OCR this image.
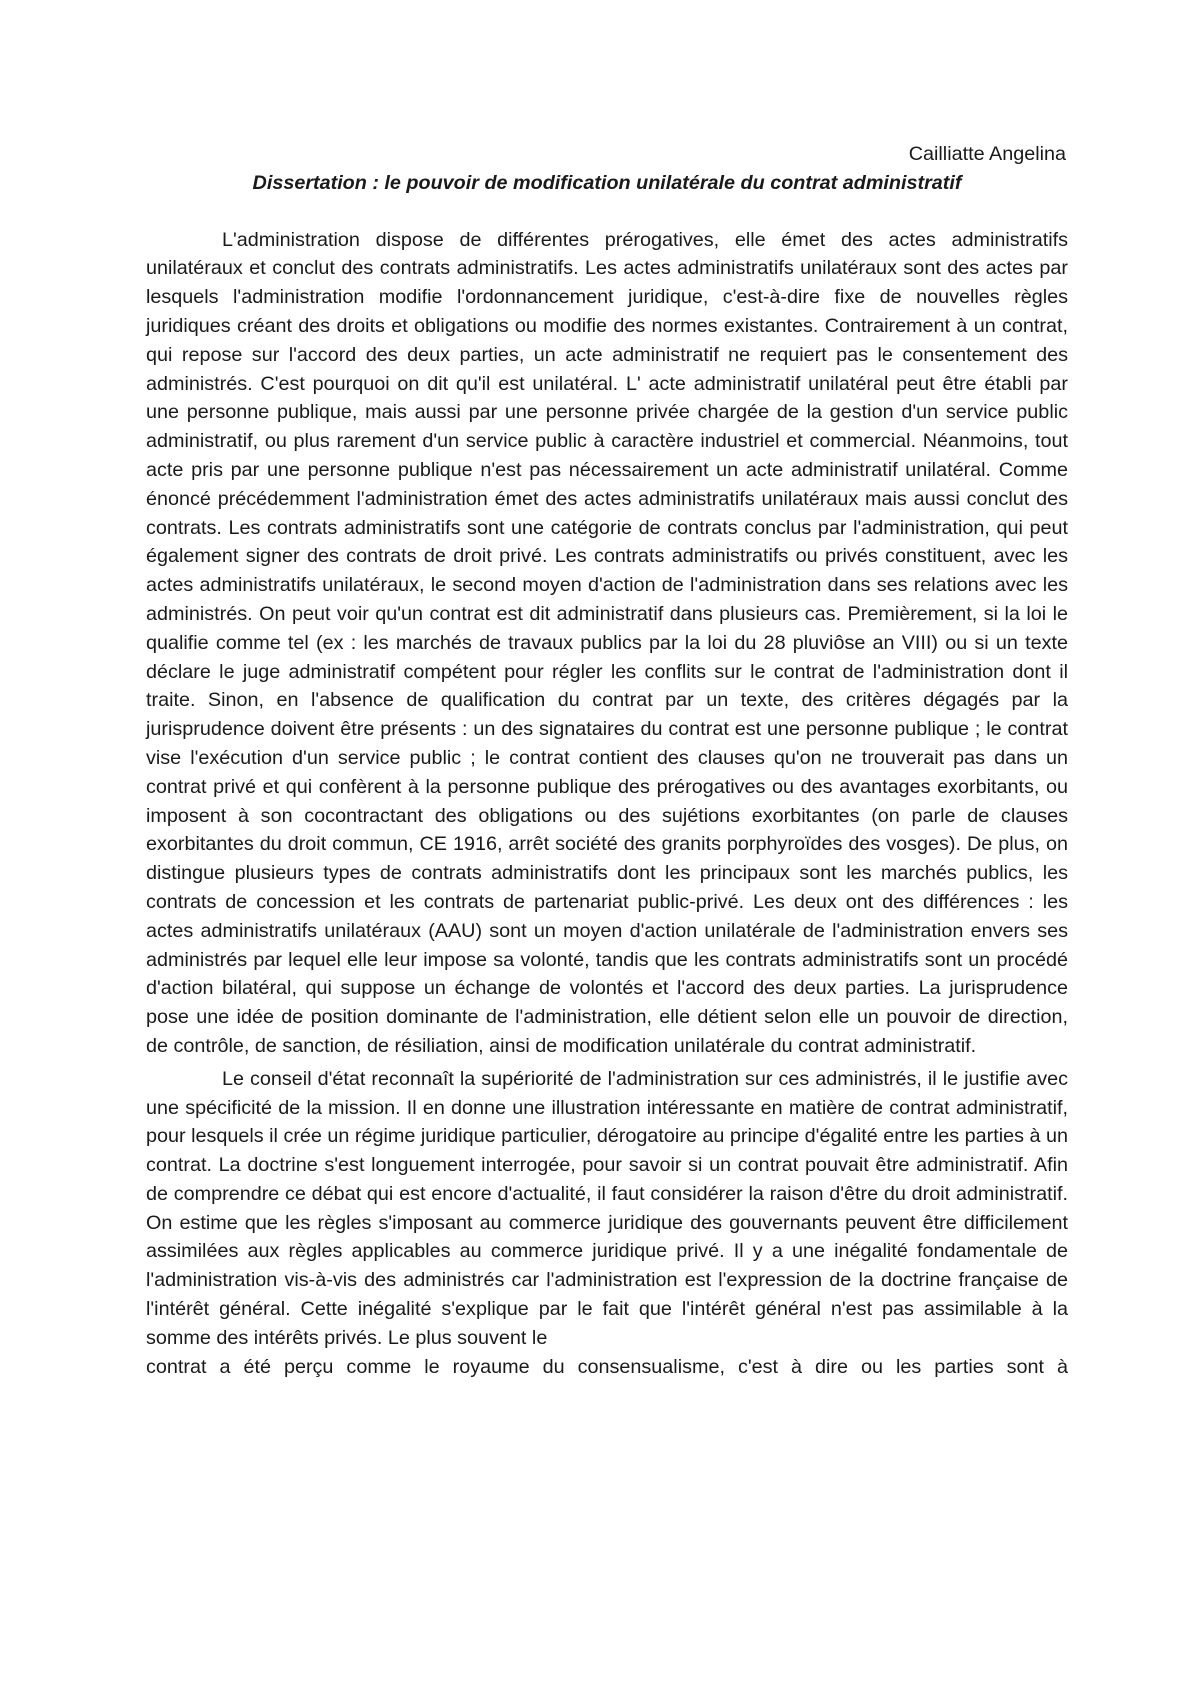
Cailliatte Angelina

Dissertation : le pouvoir de modification unilatérale du contrat administratif

L'administration dispose de différentes prérogatives, elle émet des actes administratifs unilatéraux et conclut des contrats administratifs. Les actes administratifs unilatéraux sont des actes par lesquels l'administration modifie l'ordonnancement juridique, c'est-à-dire fixe de nouvelles règles juridiques créant des droits et obligations ou modifie des normes existantes. Contrairement à un contrat, qui repose sur l'accord des deux parties, un acte administratif ne requiert pas le consentement des administrés. C'est pourquoi on dit qu'il est unilatéral. L' acte administratif unilatéral peut être établi par une personne publique, mais aussi par une personne privée chargée de la gestion d'un service public administratif, ou plus rarement d'un service public à caractère industriel et commercial. Néanmoins, tout acte pris par une personne publique n'est pas nécessairement un acte administratif unilatéral. Comme énoncé précédemment l'administration émet des actes administratifs unilatéraux mais aussi conclut des contrats. Les contrats administratifs sont une catégorie de contrats conclus par l'administration, qui peut également signer des contrats de droit privé. Les contrats administratifs ou privés constituent, avec les actes administratifs unilatéraux, le second moyen d'action de l'administration dans ses relations avec les administrés. On peut voir qu'un contrat est dit administratif dans plusieurs cas. Premièrement, si la loi le qualifie comme tel (ex : les marchés de travaux publics par la loi du 28 pluviôse an VIII) ou si un texte déclare le juge administratif compétent pour régler les conflits sur le contrat de l'administration dont il traite. Sinon, en l'absence de qualification du contrat par un texte, des critères dégagés par la jurisprudence doivent être présents : un des signataires du contrat est une personne publique ; le contrat vise l'exécution d'un service public ; le contrat contient des clauses qu'on ne trouverait pas dans un contrat privé et qui confèrent à la personne publique des prérogatives ou des avantages exorbitants, ou imposent à son cocontractant des obligations ou des sujétions exorbitantes (on parle de clauses exorbitantes du droit commun, CE 1916, arrêt société des granits porphyroïdes des vosges). De plus, on distingue plusieurs types de contrats administratifs dont les principaux sont les marchés publics, les contrats de concession et les contrats de partenariat public-privé. Les deux ont des différences : les actes administratifs unilatéraux (AAU) sont un moyen d'action unilatérale de l'administration envers ses administrés par lequel elle leur impose sa volonté, tandis que les contrats administratifs sont un procédé d'action bilatéral, qui suppose un échange de volontés et l'accord des deux parties. La jurisprudence pose une idée de position dominante de l'administration, elle détient selon elle un pouvoir de direction, de contrôle, de sanction, de résiliation, ainsi de modification unilatérale du contrat administratif.

Le conseil d'état reconnaît la supériorité de l'administration sur ces administrés, il le justifie avec une spécificité de la mission. Il en donne une illustration intéressante en matière de contrat administratif, pour lesquels il crée un régime juridique particulier, dérogatoire au principe d'égalité entre les parties à un contrat. La doctrine s'est longuement interrogée, pour savoir si un contrat pouvait être administratif. Afin de comprendre ce débat qui est encore d'actualité, il faut considérer la raison d'être du droit administratif. On estime que les règles s'imposant au commerce juridique des gouvernants peuvent être difficilement assimilées aux règles applicables au commerce juridique privé. Il y a une inégalité fondamentale de l'administration vis-à-vis des administrés car l'administration est l'expression de la doctrine française de l'intérêt général. Cette inégalité s'explique par le fait que l'intérêt général n'est pas assimilable à la somme des intérêts privés. Le plus souvent le

contrat a été perçu comme le royaume du consensualisme, c'est à dire ou les parties sont à
